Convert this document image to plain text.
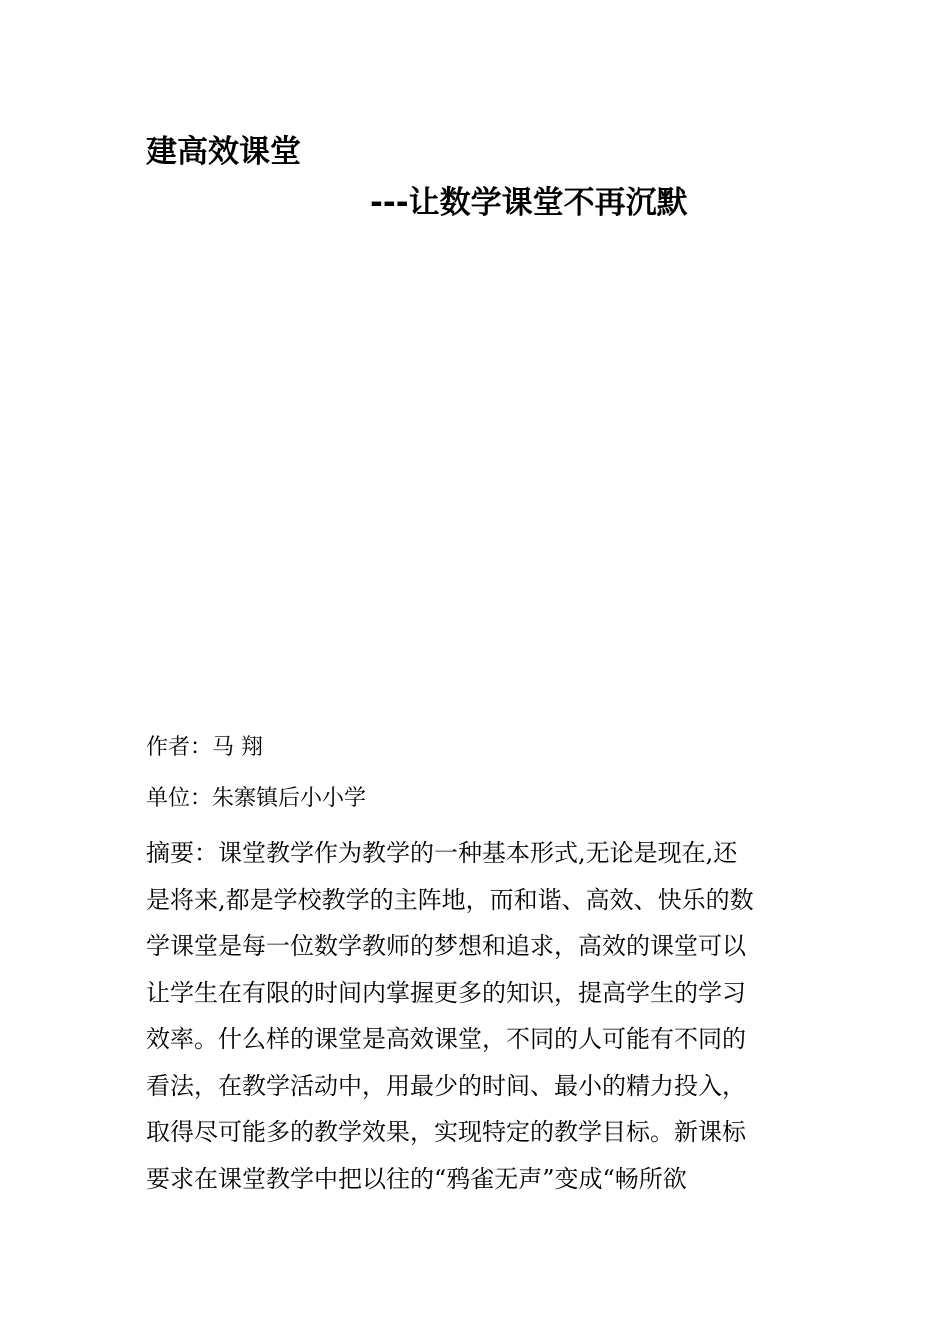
建高效课堂
---让数学课堂不再沉默

作者：马 翔

单位：朱寨镇后小小学

摘要：课堂教学作为教学的一种基本形式,无论是现在,还
是将来,都是学校教学的主阵地，而和谐、高效、快乐的数
学课堂是每一位数学教师的梦想和追求，高效的课堂可以
让学生在有限的时间内掌握更多的知识，提高学生的学习
效率。什么样的课堂是高效课堂，不同的人可能有不同的
看法，在教学活动中，用最少的时间、最小的精力投入，
取得尽可能多的教学效果，实现特定的教学目标。新课标
要求在课堂教学中把以往的“鸦雀无声”变成“畅所欲
